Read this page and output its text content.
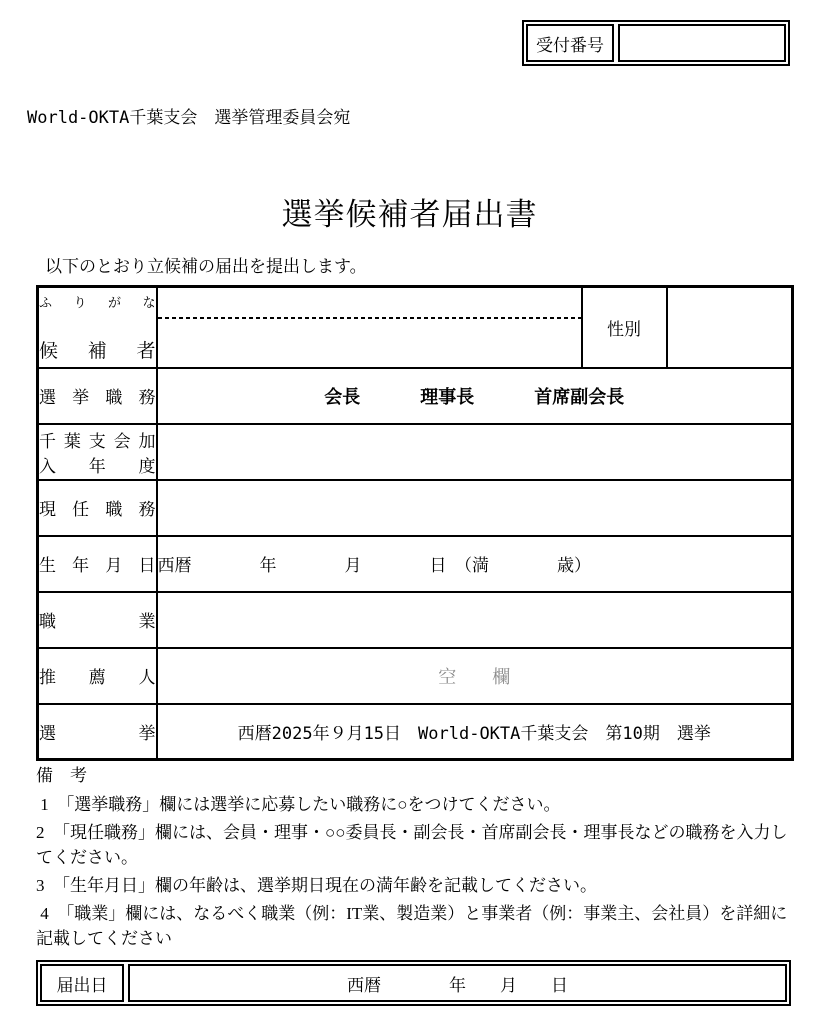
受付番号
World-OKTA千葉支会　選挙管理委員会宛
選挙候補者届出書
以下のとおり立候補の届出を提出します。
ふ り が な
候 補 者

	性別	

選 挙 職 務	会長 理事長 首席副会長		

千 葉 支 会 加
入 年 度

現 任 職 務			

生 年 月 日	西暦　　　　年　　　　月　　　　日　（満　　　　歳）		

職 業			

推 薦 人	空　　欄		

選 挙	西暦2025年９月15日　World-OKTA千葉支会　第10期　選挙		
備　考

1　「選挙職務」欄には選挙に応募したい職務に○をつけてください。

2　「現任職務」欄には、会員・理事・○○委員長・副会長・首席副会長・理事長などの職務を入力してください。

3　「生年月日」欄の年齢は、選挙期日現在の満年齢を記載してください。

4　「職業」欄には、なるべく職業（例：IT業、製造業）と事業者（例：事業主、会社員）を詳細に記載してください

届出日	西暦　　　　年　　月　　日
